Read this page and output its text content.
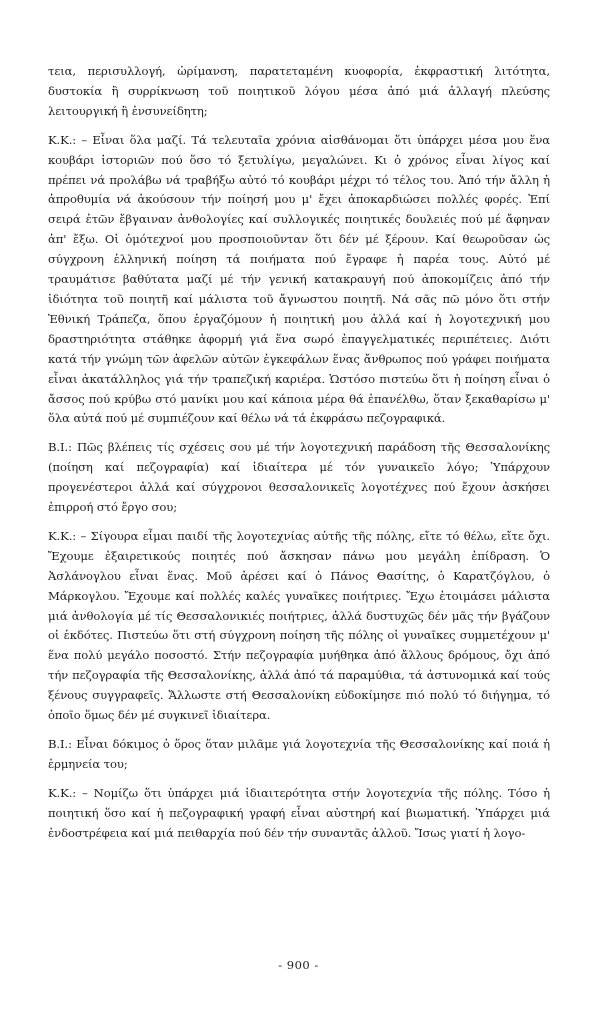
τεια, περισυλλογή, ὡρίμανση, παρατεταμένη κυοφορία, ἐκφραστική λιτότητα, δυστοκία ἢ συρρίκνωση τοῦ ποιητικοῦ λόγου μέσα ἀπό μιά ἀλλαγή πλεύσης λειτουργική ἢ ἐνσυνείδητη;

Κ.Κ.: – Εἶναι ὅλα μαζί. Τά τελευταῖα χρόνια αἰσθάνομαι ὅτι ὑπάρχει μέσα μου ἕνα κουβάρι ἱστοριῶν πού ὅσο τό ξετυλίγω, μεγαλώνει. Κι ὁ χρόνος εἶναι λίγος καί πρέπει νά προλάβω νά τραβήξω αὐτό τό κουβάρι μέχρι τό τέλος του. Ἀπό τήν ἄλλη ἡ ἀπροθυμία νά ἀκούσουν τήν ποίησή μου μ' ἔχει ἀποκαρδιώσει πολλές φορές. Ἐπί σειρά ἐτῶν ἔβγαιναν ἀνθολογίες καί συλλογικές ποιητικές δουλειές πού μέ ἄφηναν ἀπ' ἔξω. Οἱ ὁμότεχνοί μου προσποιοῦνταν ὅτι δέν μέ ξέρουν. Καί θεωροῦσαν ὡς σύγχρονη ἑλληνική ποίηση τά ποιήματα πού ἔγραφε ἡ παρέα τους. Αὐτό μέ τραυμάτισε βαθύτατα μαζί μέ τήν γενική κατακραυγή πού ἀποκομίζεις ἀπό τήν ἰδιότητα τοῦ ποιητῆ καί μάλιστα τοῦ ἄγνωστου ποιητῆ. Νά σᾶς πῶ μόνο ὅτι στήν Ἐθνική Τράπεζα, ὅπου ἐργαζόμουν ἡ ποιητική μου ἀλλά καί ἡ λογοτεχνική μου δραστηριότητα στάθηκε ἀφορμή γιά ἕνα σωρό ἐπαγγελματικές περιπέτειες. Διότι κατά τήν γνώμη τῶν ἀφελῶν αὐτῶν ἐγκεφάλων ἕνας ἄνθρωπος πού γράφει ποιήματα εἶναι ἀκατάλληλος γιά τήν τραπεζική καριέρα. Ὡστόσο πιστεύω ὅτι ἡ ποίηση εἶναι ὁ ἄσσος πού κρύβω στό μανίκι μου καί κάποια μέρα θά ἐπανέλθω, ὅταν ξεκαθαρίσω μ' ὅλα αὐτά πού μέ συμπιέζουν καί θέλω νά τά ἐκφράσω πεζογραφικά.

Β.Ι.: Πῶς βλέπεις τίς σχέσεις σου μέ τήν λογοτεχνική παράδοση τῆς Θεσσαλονίκης (ποίηση καί πεζογραφία) καί ἰδιαίτερα μέ τόν γυναικεῖο λόγο; Ὑπάρχουν προγενέστεροι ἀλλά καί σύγχρονοι θεσσαλονικεῖς λογοτέχνες πού ἔχουν ἀσκήσει ἐπιρροή στό ἔργο σου;

Κ.Κ.: – Σίγουρα εἶμαι παιδί τῆς λογοτεχνίας αὐτῆς τῆς πόλης, εἴτε τό θέλω, εἴτε ὄχι. Ἔχουμε ἐξαιρετικούς ποιητές πού ἄσκησαν πάνω μου μεγάλη ἐπίδραση. Ὁ Ἀσλάνογλου εἶναι ἕνας. Μοῦ ἀρέσει καί ὁ Πάνος Θασίτης, ὁ Καρατζόγλου, ὁ Μάρκογλου. Ἔχουμε καί πολλές καλές γυναῖκες ποιήτριες. Ἔχω ἑτοιμάσει μάλιστα μιά ἀνθολογία μέ τίς Θεσσαλονικιές ποιήτριες, ἀλλά δυστυχῶς δέν μᾶς τήν βγάζουν οἱ ἐκδότες. Πιστεύω ὅτι στή σύγχρονη ποίηση τῆς πόλης οἱ γυναῖκες συμμετέχουν μ' ἕνα πολύ μεγάλο ποσοστό. Στήν πεζογραφία μυήθηκα ἀπό ἄλλους δρόμους, ὄχι ἀπό τήν πεζογραφία τῆς Θεσσαλονίκης, ἀλλά ἀπό τά παραμύθια, τά ἀστυνομικά καί τούς ξένους συγγραφεῖς. Ἄλλωστε στή Θεσσαλονίκη εὐδοκίμησε πιό πολύ τό διήγημα, τό ὁποῖο ὅμως δέν μέ συγκινεῖ ἰδιαίτερα.

Β.Ι.: Εἶναι δόκιμος ὁ ὅρος ὅταν μιλᾶμε γιά λογοτεχνία τῆς Θεσσαλονίκης καί ποιά ἡ ἑρμηνεία του;

Κ.Κ.: – Νομίζω ὅτι ὑπάρχει μιά ἰδιαιτερότητα στήν λογοτεχνία τῆς πόλης. Τόσο ἡ ποιητική ὅσο καί ἡ πεζογραφική γραφή εἶναι αὐστηρή καί βιωματική. Ὑπάρχει μιά ἐνδοστρέφεια καί μιά πειθαρχία πού δέν τήν συναντᾶς ἀλλοῦ. Ἴσως γιατί ἡ λογο-

- 900 -
